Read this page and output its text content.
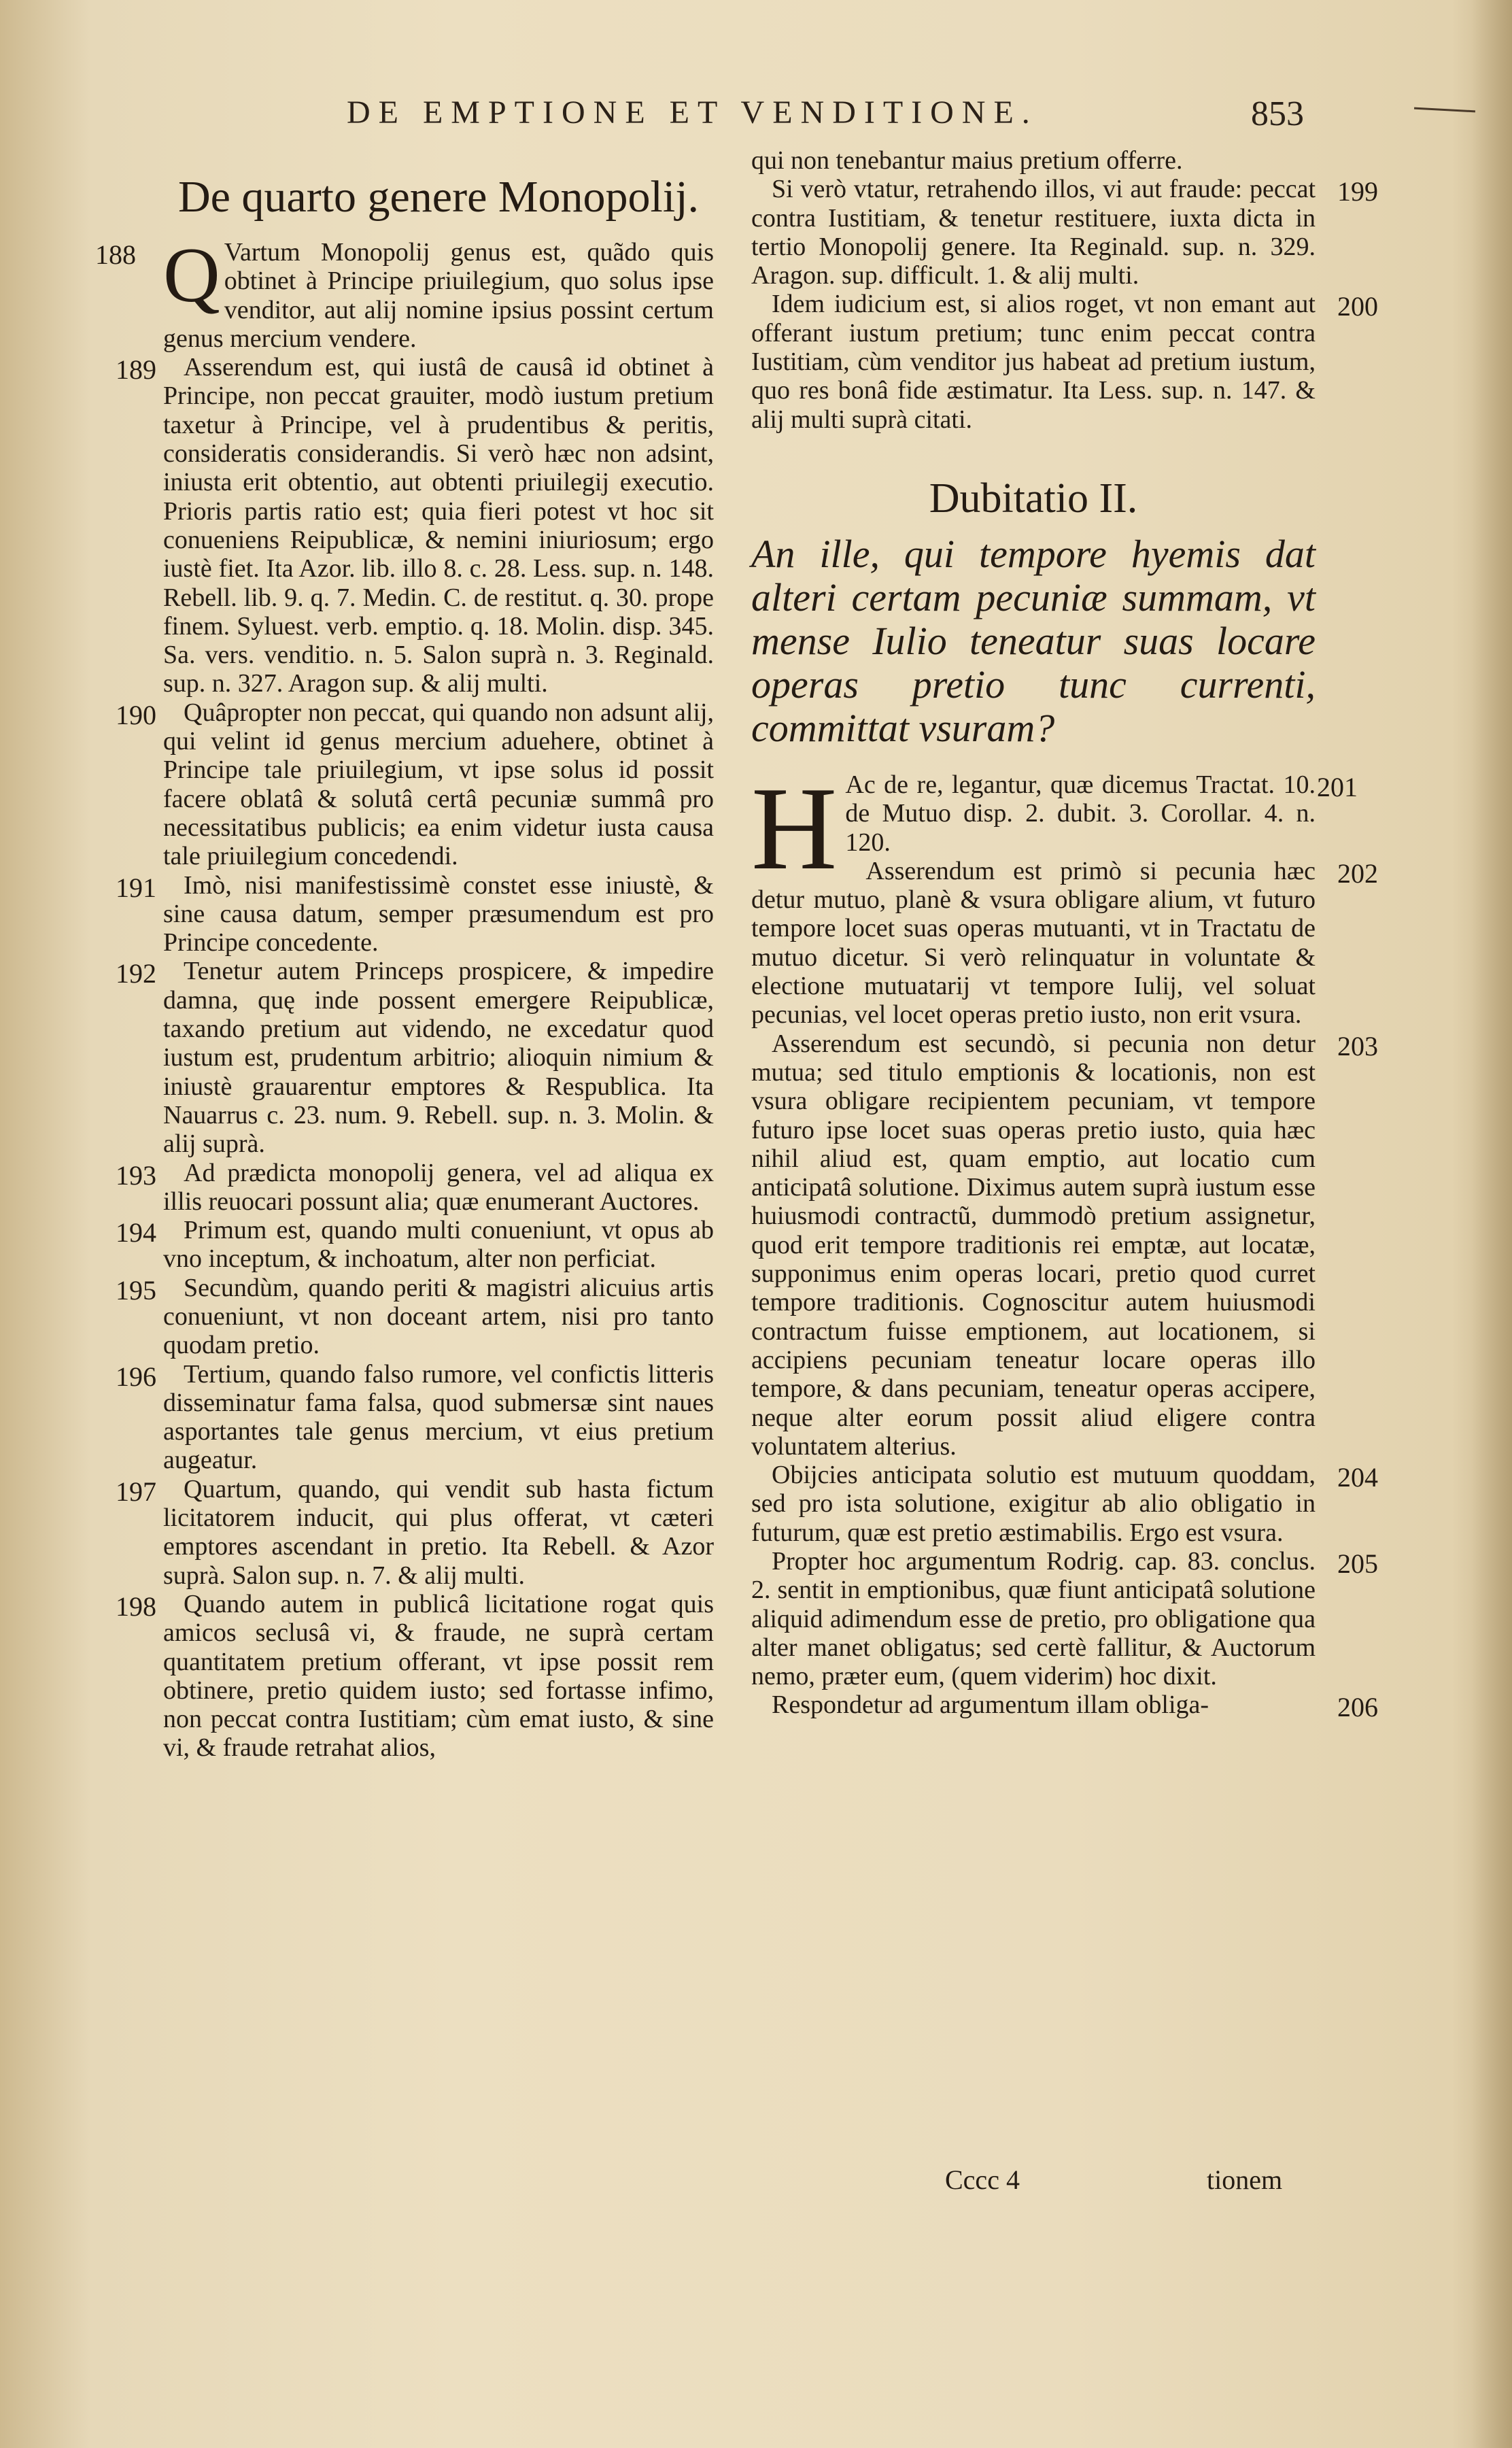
DE EMPTIONE ET VENDITIONE.	853
De quarto genere Monopolij.
188 Q Vartum Monopolij genus est, quãdo quis obtinet à Principe priuilegium, quo solus ipse venditor, aut alij nomine ipsius possint certum genus mercium vendere.
189 Asserendum est, qui iustâ de causâ id obtinet à Principe, non peccat grauiter, modò iustum pretium taxetur à Principe, vel à prudentibus & peritis, consideratis considerandis. Si verò hæc non adsint, iniusta erit obtentio, aut obtenti priuilegij executio. Prioris partis ratio est; quia fieri potest vt hoc sit conueniens Reipublicæ, & nemini iniuriosum; ergo iustè fiet. Ita Azor. lib. illo 8. c. 28. Less. sup. n. 148. Rebell. lib. 9. q. 7. Medin. C. de restitut. q. 30. prope finem. Syluest. verb. emptio. q. 18. Molin. disp. 345. Sa. vers. venditio. n. 5. Salon suprà n. 3. Reginald. sup. n. 327. Aragon sup. & alij multi.
190 Quâpropter non peccat, qui quando non adsunt alij, qui velint id genus mercium aduehere, obtinet à Principe tale priuilegium, vt ipse solus id possit facere oblatâ & solutâ certâ pecuniæ summâ pro necessitatibus publicis; ea enim videtur iusta causa tale priuilegium concedendi.
191 Imò, nisi manifestissimè constet esse iniustè, & sine causa datum, semper præsumendum est pro Principe concedente.
192 Tenetur autem Princeps prospicere, & impedire damna, quę inde possent emergere Reipublicæ, taxando pretium aut videndo, ne excedatur quod iustum est, prudentum arbitrio; alioquin nimium & iniustè grauarentur emptores & Respublica. Ita Nauarrus c. 23. num. 9. Rebell. sup. n. 3. Molin. & alij suprà.
193 Ad prædicta monopolij genera, vel ad aliqua ex illis reuocari possunt alia; quæ enumerant Auctores.
194 Primum est, quando multi conueniunt, vt opus ab vno inceptum, & inchoatum, alter non perficiat.
195 Secundùm, quando periti & magistri alicuius artis conueniunt, vt non doceant artem, nisi pro tanto quodam pretio.
196 Tertium, quando falso rumore, vel confictis litteris disseminatur fama falsa, quod submersæ sint naues asportantes tale genus mercium, vt eius pretium augeatur.
197 Quartum, quando, qui vendit sub hasta fictum licitatorem inducit, qui plus offerat, vt cæteri emptores ascendant in pretio. Ita Rebell. & Azor suprà. Salon sup. n. 7. & alij multi.
198 Quando autem in publicâ licitatione rogat quis amicos seclusâ vi, & fraude, ne suprà certam quantitatem pretium offerant, vt ipse possit rem obtinere, pretio quidem iusto; sed fortasse infimo, non peccat contra Iustitiam; cùm emat iusto, & sine vi, & fraude retrahat alios,
qui non tenebantur maius pretium offerre.
199
Si verò vtatur, retrahendo illos, vi aut fraude: peccat contra Iustitiam, & tenetur restituere, iuxta dicta in tertio Monopolij genere. Ita Reginald. sup. n. 329. Aragon. sup. difficult. 1. & alij multi.
200
Idem iudicium est, si alios roget, vt non emant aut offerant iustum pretium; tunc enim peccat contra Iustitiam, cùm venditor jus habeat ad pretium iustum, quo res bonâ fide æstimatur. Ita Less. sup. n. 147. & alij multi suprà citati.
Dubitatio II.
An ille, qui tempore hyemis dat alteri certam pecuniæ summam, vt mense Iulio teneatur suas locare operas pretio tunc currenti, committat vsuram?
201
H Ac de re, legantur, quæ dicemus Tractat. 10. de Mutuo disp. 2. dubit. 3. Corollar. 4. n. 120.
202
Asserendum est primò si pecunia hæc detur mutuo, planè & vsura obligare alium, vt futuro tempore locet suas operas mutuanti, vt in Tractatu de mutuo dicetur. Si verò relinquatur in voluntate & electione mutuatarij vt tempore Iulij, vel soluat pecunias, vel locet operas pretio iusto, non erit vsura.
203
Asserendum est secundò, si pecunia non detur mutua; sed titulo emptionis & locationis, non est vsura obligare recipientem pecuniam, vt tempore futuro ipse locet suas operas pretio iusto, quia hæc nihil aliud est, quam emptio, aut locatio cum anticipatâ solutione. Diximus autem suprà iustum esse huiusmodi contractũ, dummodò pretium assignetur, quod erit tempore traditionis rei emptæ, aut locatæ, supponimus enim operas locari, pretio quod curret tempore traditionis. Cognoscitur autem huiusmodi contractum fuisse emptionem, aut locationem, si accipiens pecuniam teneatur locare operas illo tempore, & dans pecuniam, teneatur operas accipere, neque alter eorum possit aliud eligere contra voluntatem alterius.
204
Obijcies anticipata solutio est mutuum quoddam, sed pro ista solutione, exigitur ab alio obligatio in futurum, quæ est pretio æstimabilis. Ergo est vsura.
205
Propter hoc argumentum Rodrig. cap. 83. conclus. 2. sentit in emptionibus, quæ fiunt anticipatâ solutione aliquid adimendum esse de pretio, pro obligatione qua alter manet obligatus; sed certè fallitur, & Auctorum nemo, præter eum, (quem viderim) hoc dixit.
206
Respondetur ad argumentum illam obliga-
Cccc 4	tionem
